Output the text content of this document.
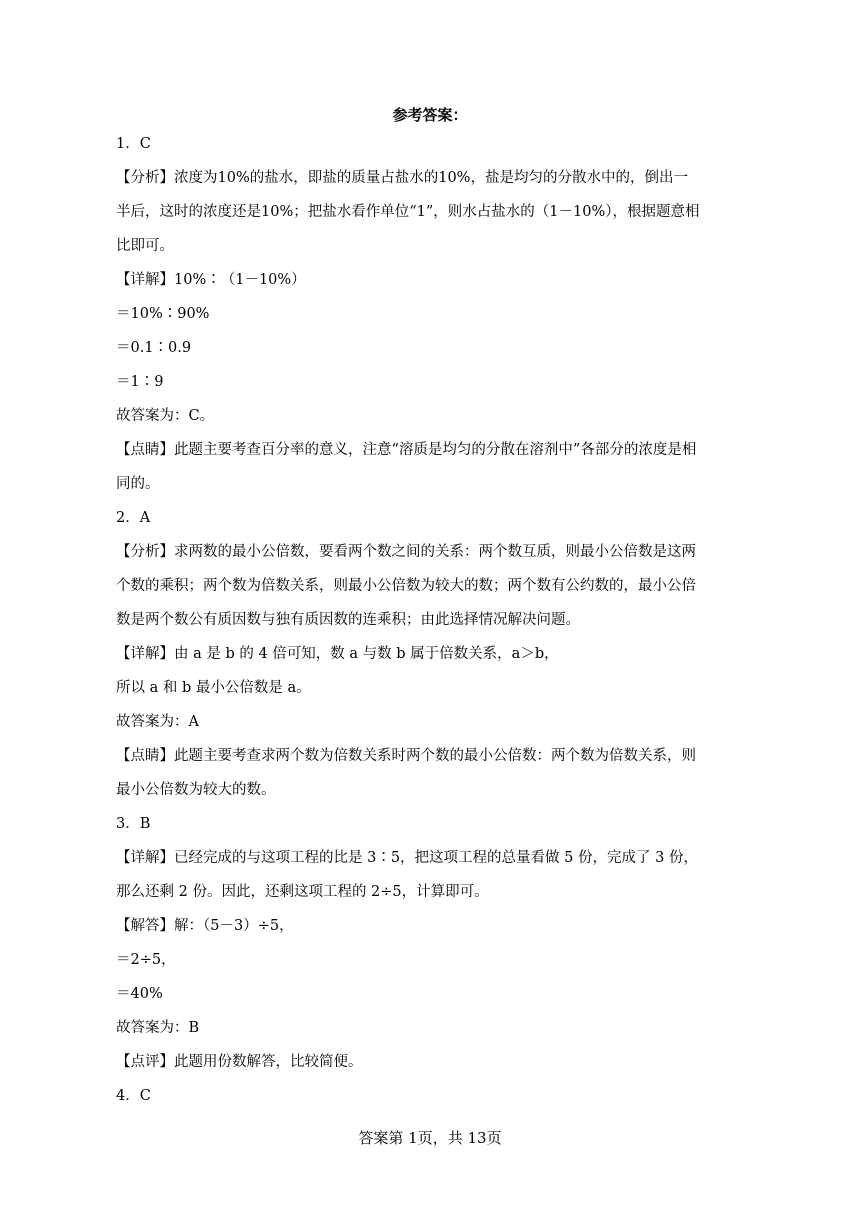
参考答案：
1．C
【分析】浓度为10%的盐水，即盐的质量占盐水的10%，盐是均匀的分散水中的，倒出一
半后，这时的浓度还是10%；把盐水看作单位“1”，则水占盐水的（1－10%），根据题意相
比即可。
【详解】10%∶（1－10%）
＝10%∶90%
＝0.1∶0.9
＝1∶9
故答案为：C。
【点睛】此题主要考查百分率的意义，注意“溶质是均匀的分散在溶剂中”各部分的浓度是相
同的。
2．A
【分析】求两数的最小公倍数，要看两个数之间的关系：两个数互质，则最小公倍数是这两
个数的乘积；两个数为倍数关系，则最小公倍数为较大的数；两个数有公约数的，最小公倍
数是两个数公有质因数与独有质因数的连乘积；由此选择情况解决问题。
【详解】由 a 是 b 的 4 倍可知，数 a 与数 b 属于倍数关系，a＞b，
所以 a 和 b 最小公倍数是 a。
故答案为：A
【点睛】此题主要考查求两个数为倍数关系时两个数的最小公倍数：两个数为倍数关系，则
最小公倍数为较大的数。
3．B
【详解】已经完成的与这项工程的比是 3∶5，把这项工程的总量看做 5 份，完成了 3 份，
那么还剩 2 份。因此，还剩这项工程的 2÷5，计算即可。
【解答】解：（5－3）÷5，
＝2÷5，
＝40%
故答案为：B
【点评】此题用份数解答，比较简便。
4．C
答案第 1页，共 13页
